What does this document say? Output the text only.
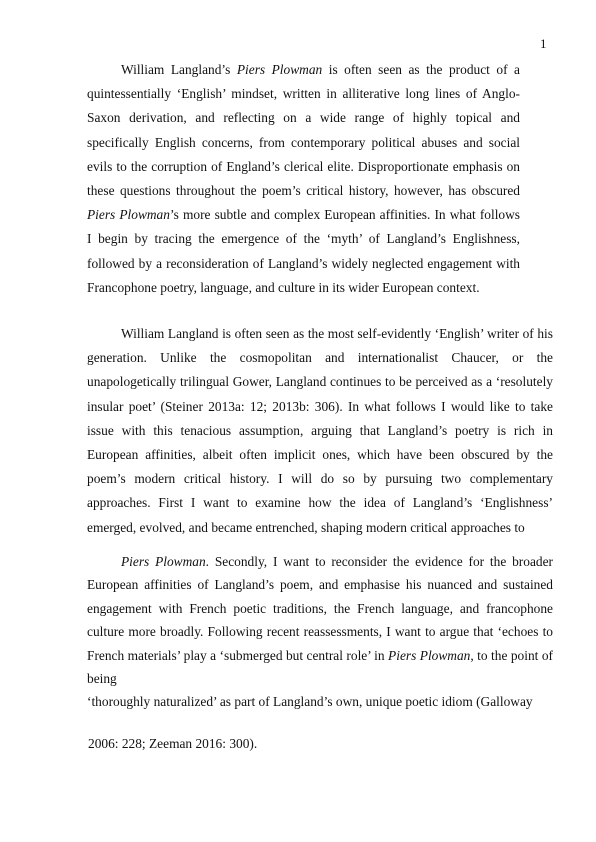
1

William Langland’s Piers Plowman is often seen as the product of a quintessentially ‘English’ mindset, written in alliterative long lines of Anglo-Saxon derivation, and reflecting on a wide range of highly topical and specifically English concerns, from contemporary political abuses and social evils to the corruption of England’s clerical elite. Disproportionate emphasis on these questions throughout the poem’s critical history, however, has obscured Piers Plowman’s more subtle and complex European affinities. In what follows I begin by tracing the emergence of the ‘myth’ of Langland’s Englishness, followed by a reconsideration of Langland’s widely neglected engagement with Francophone poetry, language, and culture in its wider European context.

William Langland is often seen as the most self-evidently ‘English’ writer of his generation. Unlike the cosmopolitan and internationalist Chaucer, or the unapologetically trilingual Gower, Langland continues to be perceived as a ‘resolutely insular poet’ (Steiner 2013a: 12; 2013b: 306). In what follows I would like to take issue with this tenacious assumption, arguing that Langland’s poetry is rich in European affinities, albeit often implicit ones, which have been obscured by the poem’s modern critical history. I will do so by pursuing two complementary approaches. First I want to examine how the idea of Langland’s ‘Englishness’ emerged, evolved, and became entrenched, shaping modern critical approaches to

Piers Plowman. Secondly, I want to reconsider the evidence for the broader European affinities of Langland’s poem, and emphasise his nuanced and sustained engagement with French poetic traditions, the French language, and francophone culture more broadly. Following recent reassessments, I want to argue that ‘echoes to French materials’ play a ‘submerged but central role’ in Piers Plowman, to the point of being
‘thoroughly naturalized’ as part of Langland’s own, unique poetic idiom (Galloway

2006: 228; Zeeman 2016: 300).
